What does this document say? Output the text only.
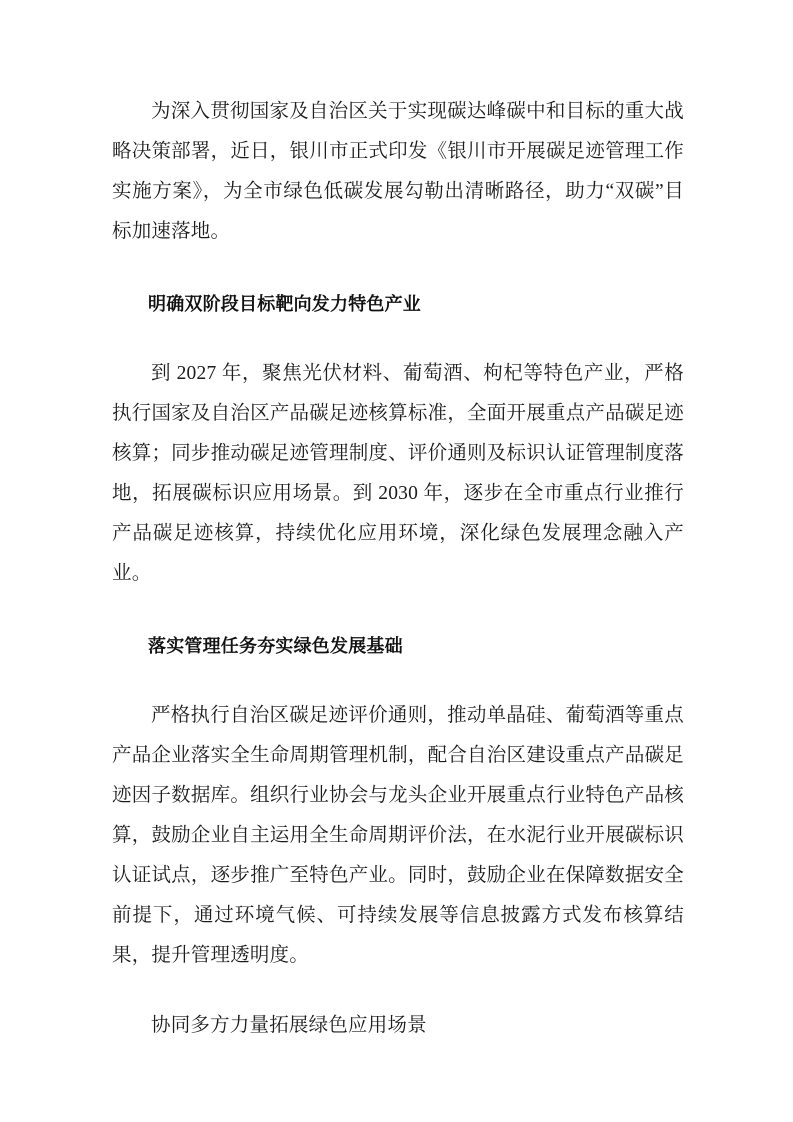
为深入贯彻国家及自治区关于实现碳达峰碳中和目标的重大战略决策部署，近日，银川市正式印发《银川市开展碳足迹管理工作实施方案》，为全市绿色低碳发展勾勒出清晰路径，助力“双碳”目标加速落地。

明确双阶段目标靶向发力特色产业

到 2027 年，聚焦光伏材料、葡萄酒、枸杞等特色产业，严格执行国家及自治区产品碳足迹核算标准，全面开展重点产品碳足迹核算；同步推动碳足迹管理制度、评价通则及标识认证管理制度落地，拓展碳标识应用场景。到 2030 年，逐步在全市重点行业推行产品碳足迹核算，持续优化应用环境，深化绿色发展理念融入产业。

落实管理任务夯实绿色发展基础

严格执行自治区碳足迹评价通则，推动单晶硅、葡萄酒等重点产品企业落实全生命周期管理机制，配合自治区建设重点产品碳足迹因子数据库。组织行业协会与龙头企业开展重点行业特色产品核算，鼓励企业自主运用全生命周期评价法，在水泥行业开展碳标识认证试点，逐步推广至特色产业。同时，鼓励企业在保障数据安全前提下，通过环境气候、可持续发展等信息披露方式发布核算结果，提升管理透明度。

协同多方力量拓展绿色应用场景
